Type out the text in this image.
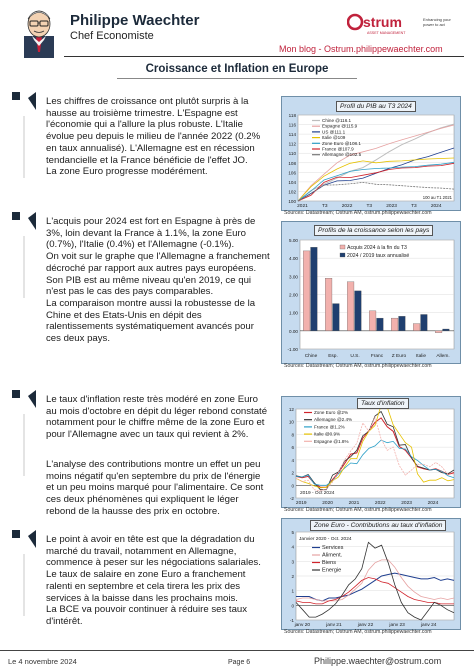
Philippe Waechter
Chef Economiste
strum
ASSET MANAGEMENT
Enhancing your
power to act
Mon blog - Ostrum.philippewaechter.com
Croissance et Inflation en Europe

Les chiffres de croissance ont plutôt surpris à la hausse au troisième trimestre. L'Espagne est l'économie qui a l'allure la plus robuste. L'Italie évolue peu depuis le milieu de l'année 2022 (0.2% en taux annualisé). L'Allemagne est en récession tendancielle et la France bénéficie de l'effet JO.

La zone Euro progresse modérément.

L'acquis pour 2024 est fort en Espagne à près de 3%, loin devant la France à 1.1%, la zone Euro (0.7%), l'Italie (0.4%) et l'Allemagne (-0.1%).

On voit sur le graphe que l'Allemagne a franchement décroché par rapport aux autres pays européens. Son PIB est au même niveau qu'en 2019, ce qui n'est pas le cas des pays comparables.

La comparaison montre aussi la robustesse de la Chine et des Etats-Unis en dépit des ralentissements systématiquement avancés pour ces deux pays.

Le taux d'inflation reste très modéré en zone Euro au mois d'octobre en dépit du léger rebond constaté notamment pour le chiffre même de la zone Euro et pour l'Allemagne avec un taux qui revient à 2%.

L'analyse des contributions montre un effet un peu moins négatif qu'en septembre du prix de l'énergie et un peu moins marqué pour l'alimentaire. Ce sont ces deux phénomènes qui expliquent le léger rebond de la hausse des prix en octobre.

Le point à avoir en tête est que la dégradation du marché du travail, notamment en Allemagne, commence à peser sur les négociations salariales. Le taux de salaire en zone Euro a franchement ralenti en septembre et cela tirera les prix des services à la baisse dans les prochains mois.

La BCE va pouvoir continuer à réduire ses taux d'intérêt.

100
102
104
106
108
110
112
114
116
118
2021	T3	2022	T3	2023	T3	2024
Chine @116.1
Espagne @115.9
US @111.1
Italie @109
Zone Euro @108.1
France @107.9
Allemagne @102.5
100 au T1 2021
Profil du PIB au T3 2024
Sources: Datastream; Ostrum AM, ostrum.philippewaechter.com
-1.00
0.00
1.00
2.00
3.00
4.00
5.00
Chine Esp.	U.S. Franc Z Euro Italie Allem.
Acquis 2024 à la fin du T3
2024 / 2019 taux annualisé
Profils de la croissance selon les pays
Sources: Datastream; Ostrum AM, ostrum.philippewaechter.com
-2
0
2
4
6
8
10
12
2019	2020	2021	2022	2023	2024
Zone Euro @2%
Allemagne @2.4%
France @1.2%
Italie @0.9%
Espagne @1.8%
2019 - Oct 2024
Taux d'inflation
Sources: Datastream; Ostrum AM, ostrum.philippewaechter.com
-1
0
1
2
3
4
5
janv 20	janv 21	janv 22	janv 23	janv 24
Services
Aliment.
Biens
Energie
Janvier 2020 - Oct. 2024
Zone Euro - Contributions au taux d'inflation
Sources: Datastream; Ostrum AM, ostrum.philippewaechter.com
Le 4 novembre 2024	Page 6	Philippe.waechter@ostrum.com
